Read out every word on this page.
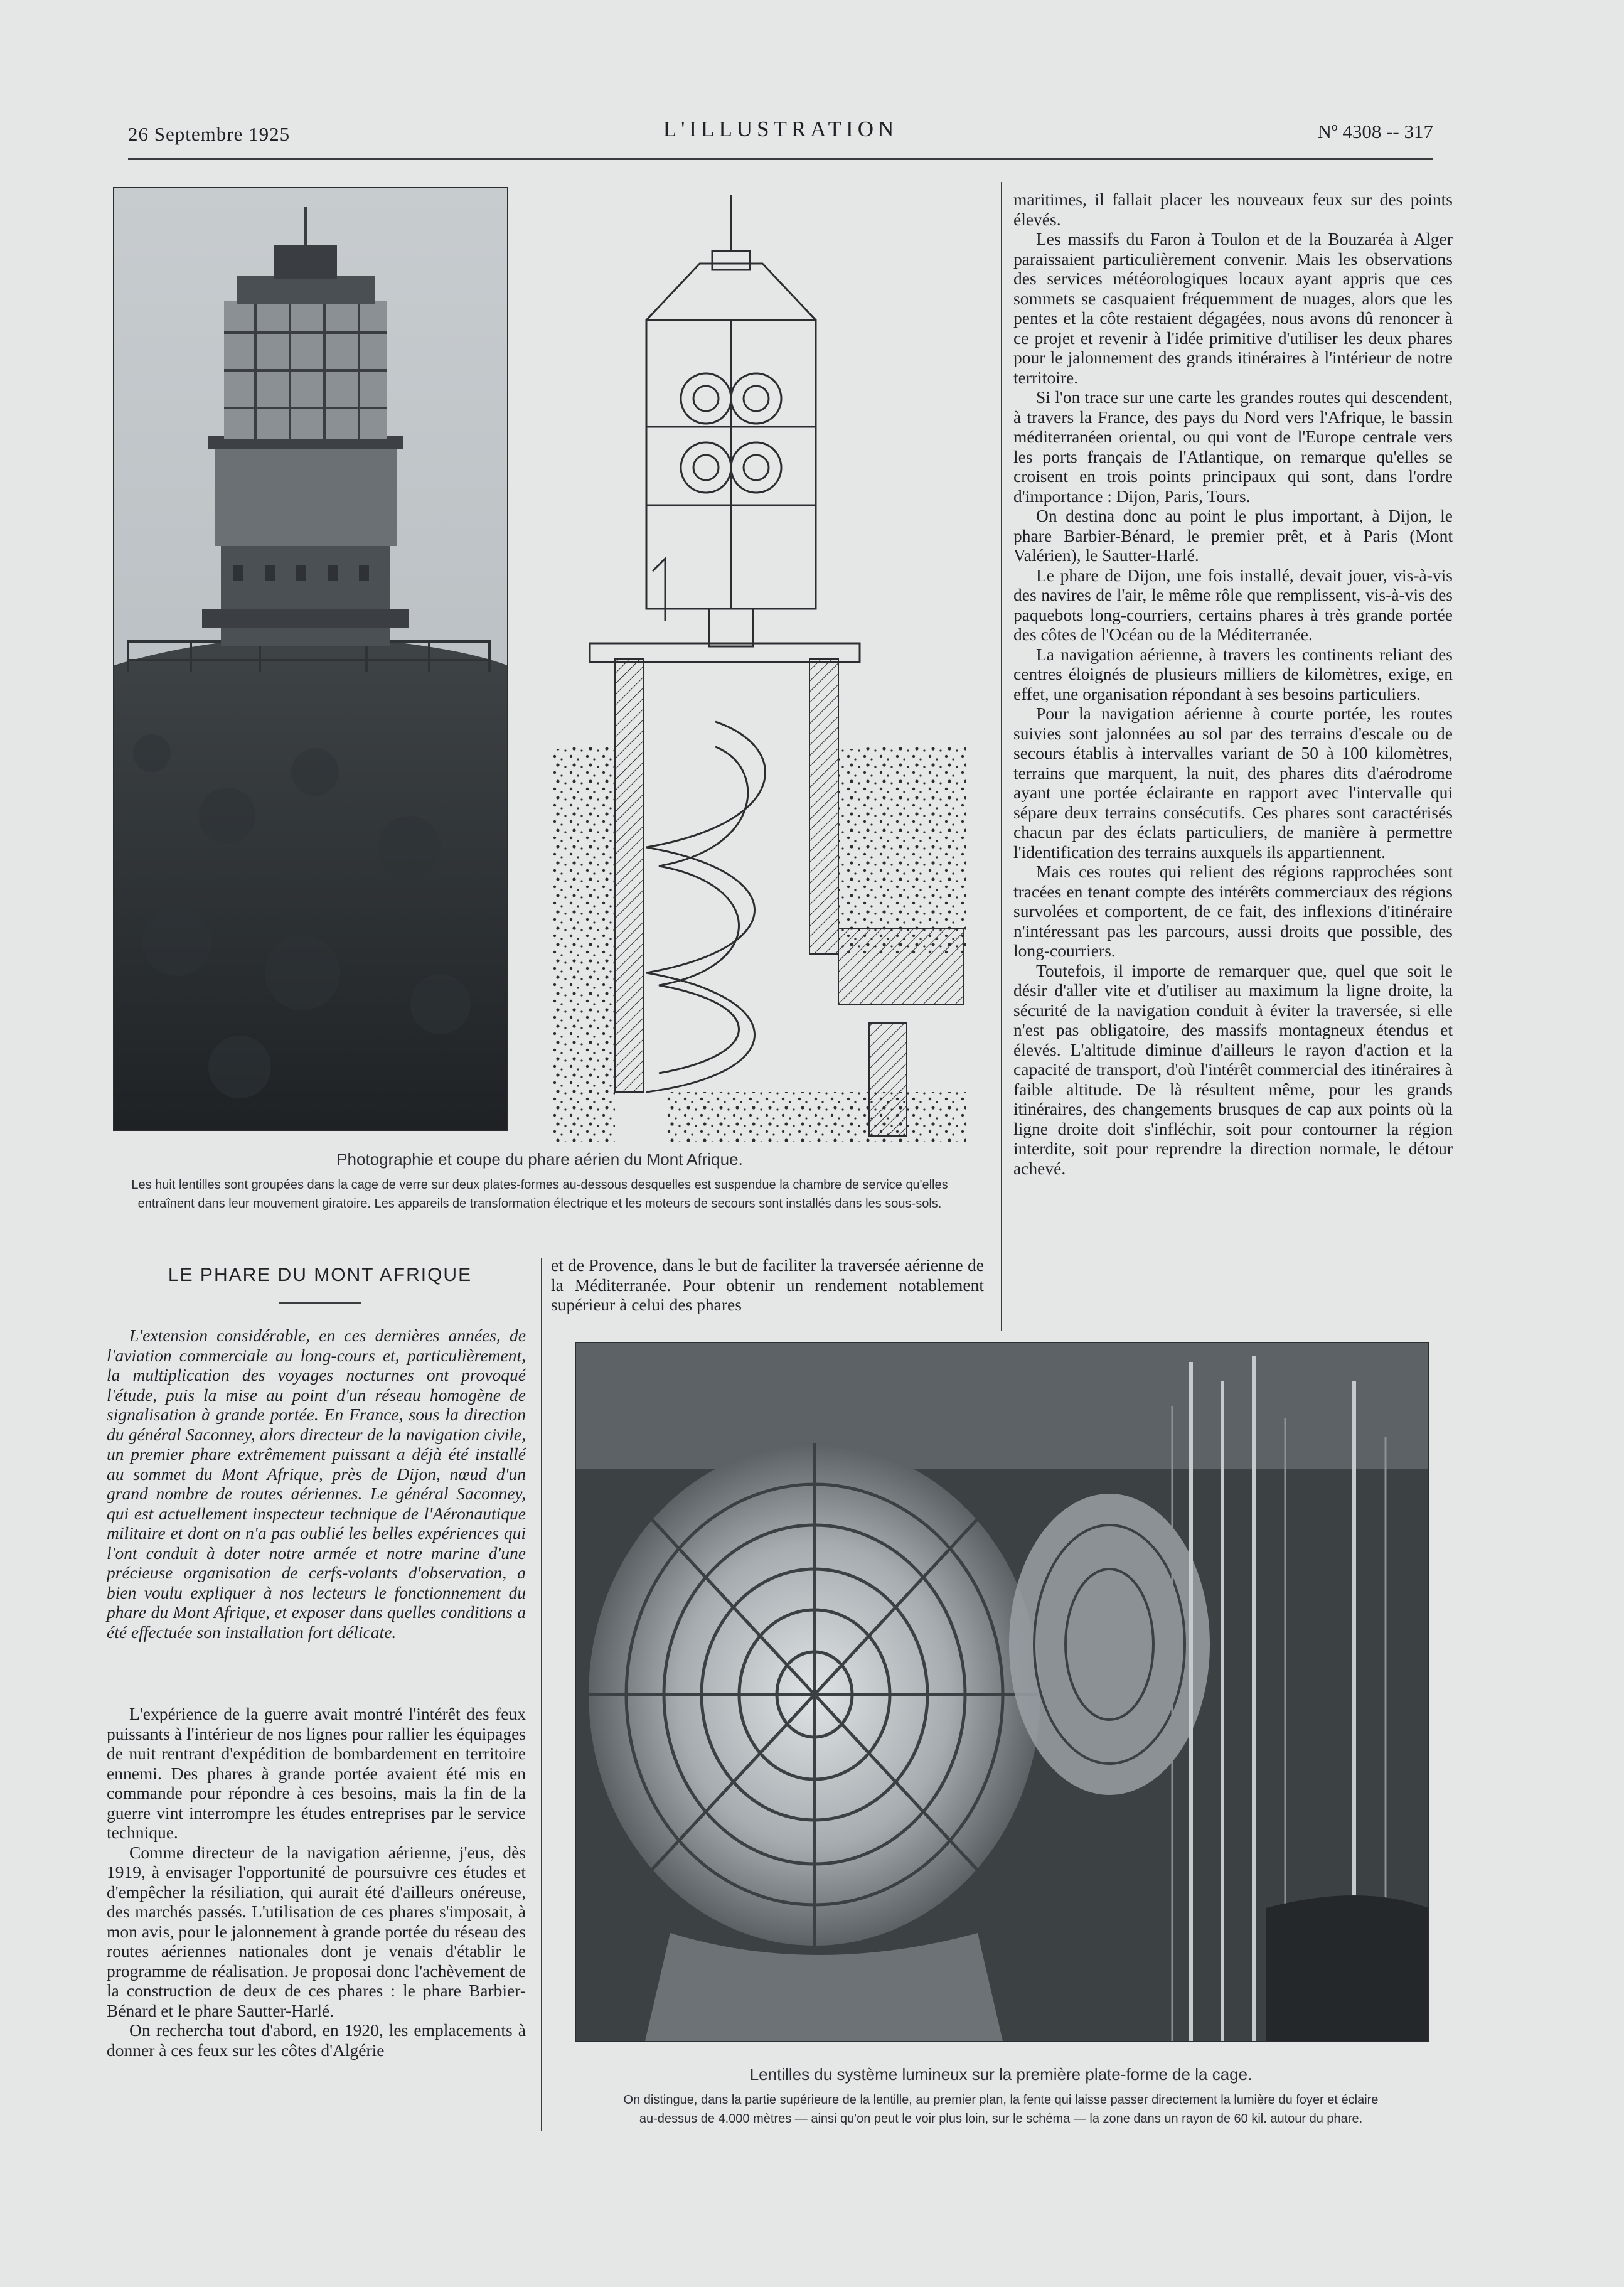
26 Septembre 1925	L'ILLUSTRATION	Nº 4308 -- 317
Photographie et coupe du phare aérien du Mont Afrique.
Les huit lentilles sont groupées dans la cage de verre sur deux plates-formes au-dessous desquelles est suspendue la chambre de service qu'elles
entraînent dans leur mouvement giratoire. Les appareils de transformation électrique et les moteurs de secours sont installés dans les sous-sols.

maritimes, il fallait placer les nouveaux feux sur des points élevés.

Les massifs du Faron à Toulon et de la Bouzaréa à Alger paraissaient particulièrement convenir. Mais les observations des services météorologiques locaux ayant appris que ces sommets se casquaient fréquemment de nuages, alors que les pentes et la côte restaient dégagées, nous avons dû renoncer à ce projet et revenir à l'idée primitive d'utiliser les deux phares pour le jalonnement des grands itinéraires à l'intérieur de notre territoire.

Si l'on trace sur une carte les grandes routes qui descendent, à travers la France, des pays du Nord vers l'Afrique, le bassin méditerranéen oriental, ou qui vont de l'Europe centrale vers les ports français de l'Atlantique, on remarque qu'elles se croisent en trois points principaux qui sont, dans l'ordre d'importance : Dijon, Paris, Tours.

On destina donc au point le plus important, à Dijon, le phare Barbier-Bénard, le premier prêt, et à Paris (Mont Valérien), le Sautter-Harlé.

Le phare de Dijon, une fois installé, devait jouer, vis-à-vis des navires de l'air, le même rôle que remplissent, vis-à-vis des paquebots long-courriers, certains phares à très grande portée des côtes de l'Océan ou de la Méditerranée.

La navigation aérienne, à travers les continents reliant des centres éloignés de plusieurs milliers de kilomètres, exige, en effet, une organisation répondant à ses besoins particuliers.

Pour la navigation aérienne à courte portée, les routes suivies sont jalonnées au sol par des terrains d'escale ou de secours établis à intervalles variant de 50 à 100 kilomètres, terrains que marquent, la nuit, des phares dits d'aérodrome ayant une portée éclairante en rapport avec l'intervalle qui sépare deux terrains consécutifs. Ces phares sont caractérisés chacun par des éclats particuliers, de manière à permettre l'identification des terrains auxquels ils appartiennent.

Mais ces routes qui relient des régions rapprochées sont tracées en tenant compte des intérêts commerciaux des régions survolées et comportent, de ce fait, des inflexions d'itinéraire n'intéressant pas les parcours, aussi droits que possible, des long-courriers.

Toutefois, il importe de remarquer que, quel que soit le désir d'aller vite et d'utiliser au maximum la ligne droite, la sécurité de la navigation conduit à éviter la traversée, si elle n'est pas obligatoire, des massifs montagneux étendus et élevés. L'altitude diminue d'ailleurs le rayon d'action et la capacité de transport, d'où l'intérêt commercial des itinéraires à faible altitude. De là résultent même, pour les grands itinéraires, des changements brusques de cap aux points où la ligne droite doit s'infléchir, soit pour contourner la région interdite, soit pour reprendre la direction normale, le détour achevé.

LE PHARE DU MONT AFRIQUE

L'extension considérable, en ces dernières années, de l'aviation commerciale au long-cours et, particulièrement, la multiplication des voyages nocturnes ont provoqué l'étude, puis la mise au point d'un réseau homogène de signalisation à grande portée. En France, sous la direction du général Saconney, alors directeur de la navigation civile, un premier phare extrêmement puissant a déjà été installé au sommet du Mont Afrique, près de Dijon, nœud d'un grand nombre de routes aériennes. Le général Saconney, qui est actuellement inspecteur technique de l'Aéronautique militaire et dont on n'a pas oublié les belles expériences qui l'ont conduit à doter notre armée et notre marine d'une précieuse organisation de cerfs-volants d'observation, a bien voulu expliquer à nos lecteurs le fonctionnement du phare du Mont Afrique, et exposer dans quelles conditions a été effectuée son installation fort délicate.

L'expérience de la guerre avait montré l'intérêt des feux puissants à l'intérieur de nos lignes pour rallier les équipages de nuit rentrant d'expédition de bombardement en territoire ennemi. Des phares à grande portée avaient été mis en commande pour répondre à ces besoins, mais la fin de la guerre vint interrompre les études entreprises par le service technique.

Comme directeur de la navigation aérienne, j'eus, dès 1919, à envisager l'opportunité de poursuivre ces études et d'empêcher la résiliation, qui aurait été d'ailleurs onéreuse, des marchés passés. L'utilisation de ces phares s'imposait, à mon avis, pour le jalonnement à grande portée du réseau des routes aériennes nationales dont je venais d'établir le programme de réalisation. Je proposai donc l'achèvement de la construction de deux de ces phares : le phare Barbier-Bénard et le phare Sautter-Harlé.

On rechercha tout d'abord, en 1920, les emplacements à donner à ces feux sur les côtes d'Algérie

et de Provence, dans le but de faciliter la traversée aérienne de la Méditerranée. Pour obtenir un rendement notablement supérieur à celui des phares

Lentilles du système lumineux sur la première plate-forme de la cage.
On distingue, dans la partie supérieure de la lentille, au premier plan, la fente qui laisse passer directement la lumière du foyer et éclaire
au-dessus de 4.000 mètres — ainsi qu'on peut le voir plus loin, sur le schéma — la zone dans un rayon de 60 kil. autour du phare.
